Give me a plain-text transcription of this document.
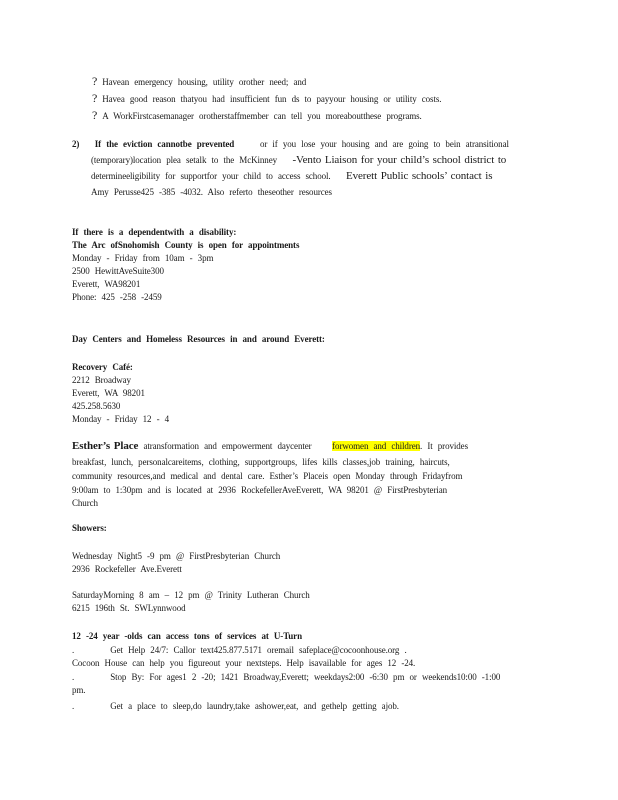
? Havean emergency housing, utility orother need; and
? Havea good reason thatyou had insufficient fun ds to payyour housing or utility costs.
? A WorkFirstcasemanager orotherstaffmember can tell you moreaboutthese programs.
2) If the eviction cannotbe prevented	or if you lose your housing and are going to bein atransitional
(temporary)location plea setalk to the McKinney -Vento Liaison for your child’s school district to
determineeligibility for supportfor your child to access school. Everett Public schools’ contact is
Amy Perusse425 -385 -4032. Also referto theseother resources
If there is a dependentwith a disability:
The Arc ofSnohomish County is open for appointments
Monday - Friday from 10am - 3pm
2500 HewittAveSuite300
Everett, WA98201
Phone: 425 -258 -2459
Day Centers and Homeless Resources in and around Everett:
Recovery Café:
2212 Broadway
Everett, WA 98201
425.258.5630
Monday - Friday 12 - 4
Esther’s Place atransformation and empowerment daycenter forwomen and children. It provides
breakfast, lunch, personalcareitems, clothing, supportgroups, lifes kills classes,job training, haircuts,
community resources,and medical and dental care. Esther’s Placeis open Monday through Fridayfrom
9:00am to 1:30pm and is located at 2936 RockefellerAveEverett, WA 98201 @ FirstPresbyterian
Church
Showers:
Wednesday Night5 -9 pm @ FirstPresbyterian Church
2936 Rockefeller Ave.Everett
SaturdayMorning 8 am – 12 pm @ Trinity Lutheran Church
6215 196th St. SWLynnwood
12 -24 year -olds can access tons of services at U-Turn
.	Get Help 24/7: Callor text425.877.5171 oremail safeplace@cocoonhouse.org .
Cocoon House can help you figureout your nextsteps. Help isavailable for ages 12 -24.
.	Stop By: For ages1 2 -20; 1421 Broadway,Everett; weekdays2:00 -6:30 pm or weekends10:00 -1:00
pm.
.	Get a place to sleep,do laundry,take ashower,eat, and gethelp getting ajob.
